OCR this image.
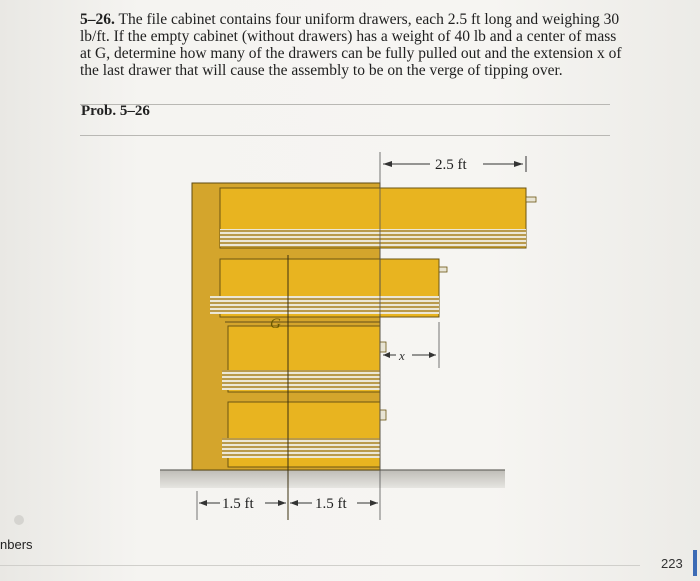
5–26. The file cabinet contains four uniform drawers, each 2.5 ft long and weighing 30 lb/ft. If the empty cabinet (without drawers) has a weight of 40 lb and a center of mass at G, determine how many of the drawers can be fully pulled out and the extension x of the last drawer that will cause the assembly to be on the verge of tipping over.
Prob. 5–26
G
2.5 ft
x
1.5 ft	1.5 ft
nbers
223
